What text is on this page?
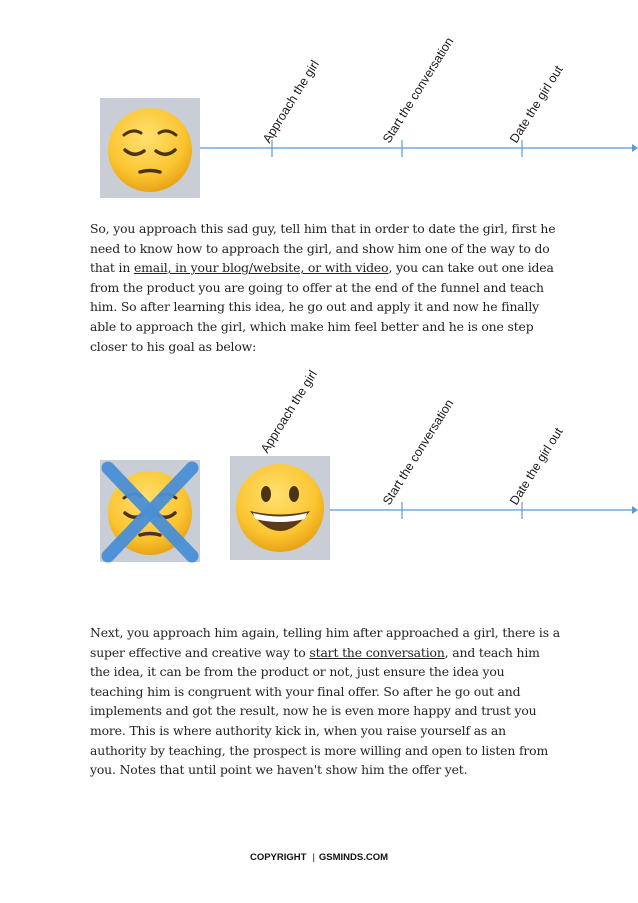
Approach the girl	Start the conversation	Date the girl out

So, you approach this sad guy, tell him that in order to date the girl, first he need to know how to approach the girl, and show him one of the way to do that in email, in your blog/website, or with video, you can take out one idea from the product you are going to offer at the end of the funnel and teach him. So after learning this idea, he go out and apply it and now he finally able to approach the girl, which make him feel better and he is one step closer to his goal as below:

Approach the girl	Start the conversation	Date the girl out

Next, you approach him again, telling him after approached a girl, there is a super effective and creative way to start the conversation, and teach him the idea, it can be from the product or not, just ensure the idea you teaching him is congruent with your final offer. So after he go out and implements and got the result, now he is even more happy and trust you more. This is where authority kick in, when you raise yourself as an authority by teaching, the prospect is more willing and open to listen from you. Notes that until point we haven't show him the offer yet.

COPYRIGHT | GSMINDS.COM
